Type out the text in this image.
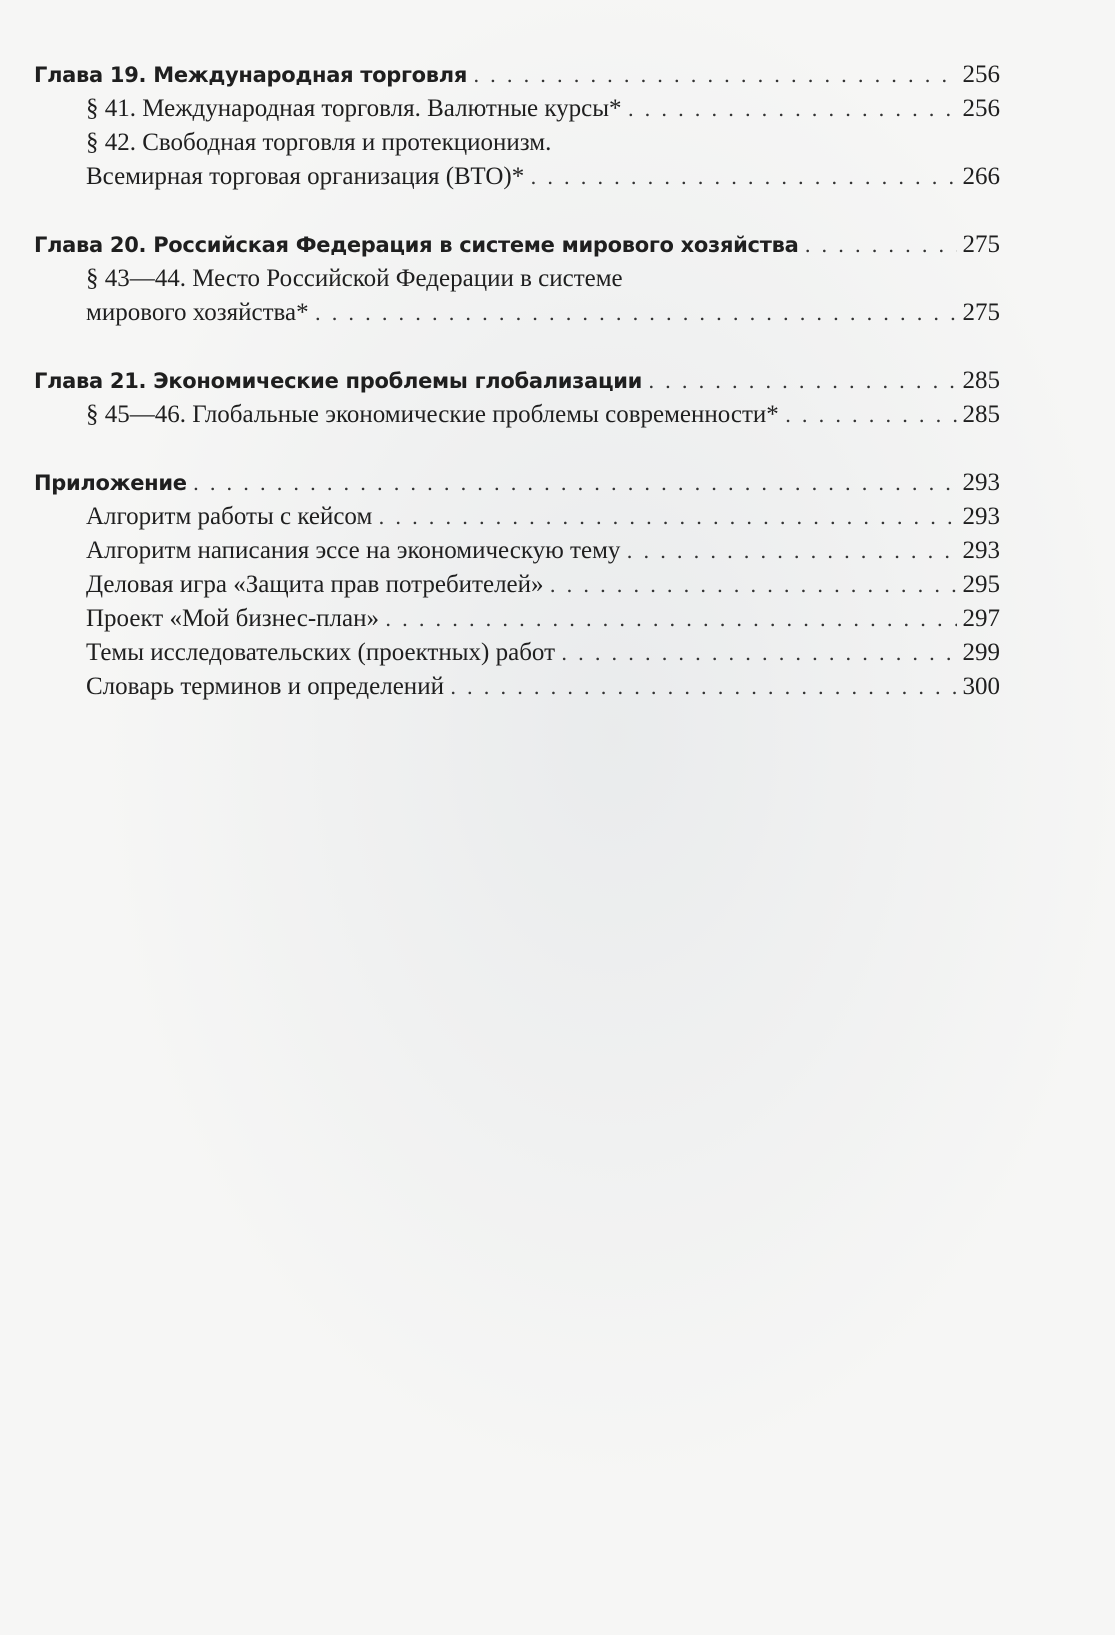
Глава 19. Международная торговля . . .	256
§ 41. Международная торговля. Валютные курсы* . . .	256
§ 42. Свободная торговля и протекционизм.
Всемирная торговая организация (ВТО)* . . .	266
Глава 20. Российская Федерация в системе мирового хозяйства . . .	275
§ 43—44. Место Российской Федерации в системе
мирового хозяйства* . . .	275
Глава 21. Экономические проблемы глобализации . . .	285
§ 45—46. Глобальные экономические проблемы современности* . . .	285
Приложение . . .	293
Алгоритм работы с кейсом . . .	293
Алгоритм написания эссе на экономическую тему . . .	293
Деловая игра «Защита прав потребителей» . . .	295
Проект «Мой бизнес-план» . . .	297
Темы исследовательских (проектных) работ . . .	299
Словарь терминов и определений . . .	300
